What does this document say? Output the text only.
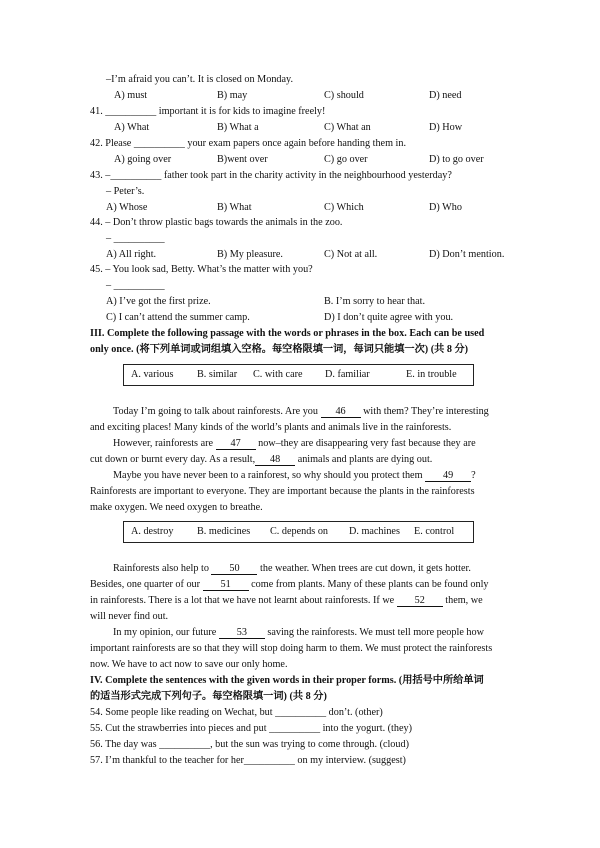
–I’m afraid you can’t. It is closed on Monday.
A) must	B) may	C) should	D) need
41. __________ important it is for kids to imagine freely!
A) What	B) What a	C) What an	D) How
42. Please __________ your exam papers once again before handing them in.
A) going over	B)went over	C) go over	D) to go over
43. –__________ father took part in the charity activity in the neighbourhood yesterday?
– Peter’s.
A) Whose	B) What	C) Which	D) Who
44. – Don’t throw plastic bags towards the animals in the zoo.
– __________
A) All right.	B) My pleasure.	C) Not at all.	D) Don’t mention.
45. – You look sad, Betty. What’s the matter with you?
– __________
A) I’ve got the first prize.	B. I’m sorry to hear that.
C) I can’t attend the summer camp.	D) I don’t quite agree with you.
III. Complete the following passage with the words or phrases in the box. Each can be used
only once. (将下列单词或词组填入空格。每空格限填一词，每词只能填一次) (共 8 分)
A. various B. similar C. with care D. familiar	E. in trouble
Today I’m going to talk about rainforests. Are you 46 with them? They’re interesting
and exciting places! Many kinds of the world’s plants and animals live in the rainforests.
However, rainforests are 47 now–they are disappearing very fast because they are
cut down or burnt every day. As a result, 48 animals and plants are dying out.
Maybe you have never been to a rainforest, so why should you protect them 49 ?
Rainforests are important to everyone. They are important because the plants in the rainforests
make oxygen. We need oxygen to breathe.
A. destroy B. medicines C. depends on D. machines E. control
Rainforests also help to 50 the weather. When trees are cut down, it gets hotter.
Besides, one quarter of our 51 come from plants. Many of these plants can be found only
in rainforests. There is a lot that we have not learnt about rainforests. If we 52 them, we
will never find out.
In my opinion, our future 53 saving the rainforests. We must tell more people how
important rainforests are so that they will stop doing harm to them. We must protect the rainforests
now. We have to act now to save our only home.
IV. Complete the sentences with the given words in their proper forms. (用括号中所给单词
的适当形式完成下列句子。每空格限填一词) (共 8 分)
54. Some people like reading on Wechat, but __________ don’t. (other)
55. Cut the strawberries into pieces and put __________ into the yogurt. (they)
56. The day was __________, but the sun was trying to come through. (cloud)
57. I’m thankful to the teacher for her__________ on my interview. (suggest)
